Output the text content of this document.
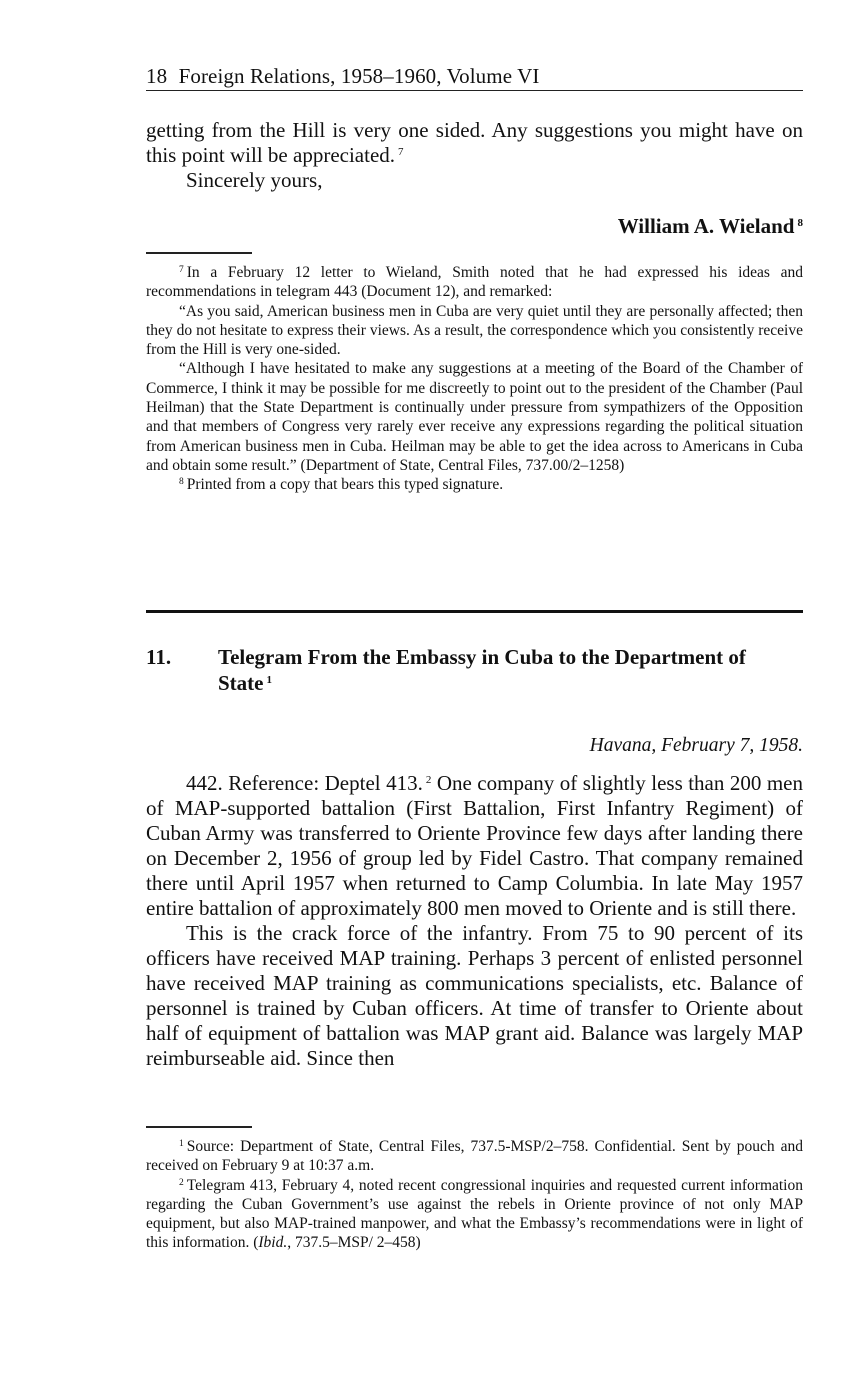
18 Foreign Relations, 1958–1960, Volume VI

getting from the Hill is very one sided. Any suggestions you might have on this point will be appreciated. $^7$

Sincerely yours,

William A. Wieland $^8$

$^7$ In a February 12 letter to Wieland, Smith noted that he had expressed his ideas and recommendations in telegram 443 (Document 12), and remarked:

“As you said, American business men in Cuba are very quiet until they are personally affected; then they do not hesitate to express their views. As a result, the correspondence which you consistently receive from the Hill is very one-sided.

“Although I have hesitated to make any suggestions at a meeting of the Board of the Chamber of Commerce, I think it may be possible for me discreetly to point out to the president of the Chamber (Paul Heilman) that the State Department is continually under pressure from sympathizers of the Opposition and that members of Congress very rarely ever receive any expressions regarding the political situation from American business men in Cuba. Heilman may be able to get the idea across to Americans in Cuba and obtain some result.” (Department of State, Central Files, 737.00/2–1258)

$^8$ Printed from a copy that bears this typed signature.

11. Telegram From the Embassy in Cuba to the Department of State $^1$
Havana, February 7, 1958.

442. Reference: Deptel 413. $^2$ One company of slightly less than 200 men of MAP-supported battalion (First Battalion, First Infantry Regiment) of Cuban Army was transferred to Oriente Province few days after landing there on December 2, 1956 of group led by Fidel Castro. That company remained there until April 1957 when returned to Camp Columbia. In late May 1957 entire battalion of approximately 800 men moved to Oriente and is still there.

This is the crack force of the infantry. From 75 to 90 percent of its officers have received MAP training. Perhaps 3 percent of enlisted personnel have received MAP training as communications specialists, etc. Balance of personnel is trained by Cuban officers. At time of transfer to Oriente about half of equipment of battalion was MAP grant aid. Balance was largely MAP reimburseable aid. Since then

$^1$ Source: Department of State, Central Files, 737.5-MSP/2–758. Confidential. Sent by pouch and received on February 9 at 10:37 a.m.

$^2$ Telegram 413, February 4, noted recent congressional inquiries and requested current information regarding the Cuban Government’s use against the rebels in Oriente province of not only MAP equipment, but also MAP-trained manpower, and what the Embassy’s recommendations were in light of this information. (Ibid., 737.5–MSP/ 2–458)
